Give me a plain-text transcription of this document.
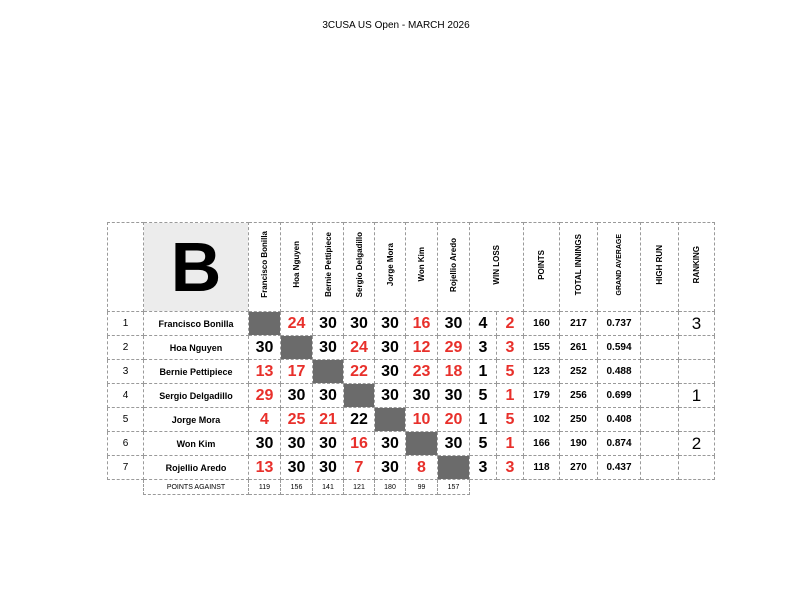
3CUSA US Open - MARCH 2026
	B	Francisco Bonilla	Hoa Nguyen	Bernie Pettipiece	Sergio Delgadillo	Jorge Mora	Won Kim	Rojellio Aredo	WIN LOSS		POINTS	TOTAL INNINGS	GRAND AVERAGE	HIGH RUN	RANKING
1	Francisco Bonilla		24	30	30	30	16	30	4	2	160	217	0.737		3
2	Hoa Nguyen	30		30	24	30	12	29	3	3	155	261	0.594		
3	Bernie Pettipiece	13	17		22	30	23	18	1	5	123	252	0.488		
4	Sergio Delgadillo	29	30	30		30	30	30	5	1	179	256	0.699		1
5	Jorge Mora	4	25	21	22		10	20	1	5	102	250	0.408		
6	Won Kim	30	30	30	16	30		30	5	1	166	190	0.874		2
7	Rojellio Aredo	13	30	30	7	30	8		3	3	118	270	0.437		
	POINTS AGAINST	119	156	141	121	180	99	157							
